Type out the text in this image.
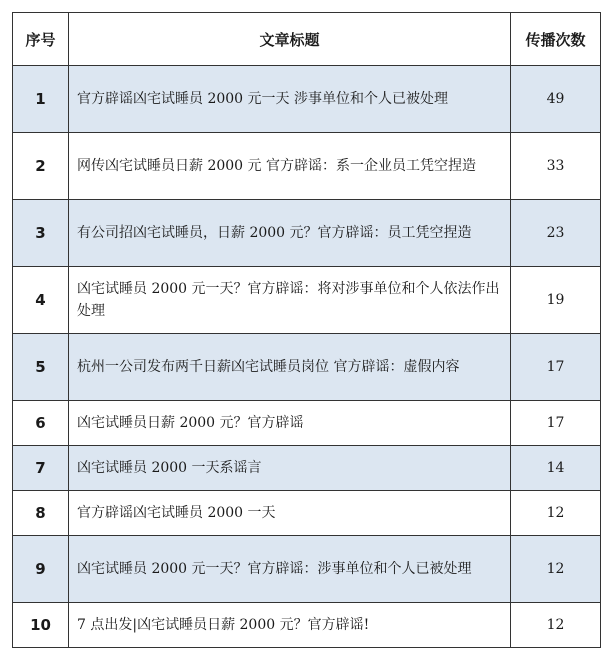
序号	文章标题	传播次数
1	官方辟谣凶宅试睡员 2000 元一天 涉事单位和个人已被处理	49
2	网传凶宅试睡员日薪 2000 元 官方辟谣：系一企业员工凭空捏造	33
3	有公司招凶宅试睡员，日薪 2000 元？官方辟谣：员工凭空捏造	23
4	凶宅试睡员 2000 元一天？官方辟谣：将对涉事单位和个人依法作出处理	19
5	杭州一公司发布两千日薪凶宅试睡员岗位 官方辟谣：虚假内容	17
6	凶宅试睡员日薪 2000 元？官方辟谣	17
7	凶宅试睡员 2000 一天系谣言	14
8	官方辟谣凶宅试睡员 2000 一天	12
9	凶宅试睡员 2000 元一天？官方辟谣：涉事单位和个人已被处理	12
10	7 点出发|凶宅试睡员日薪 2000 元？官方辟谣!	12
